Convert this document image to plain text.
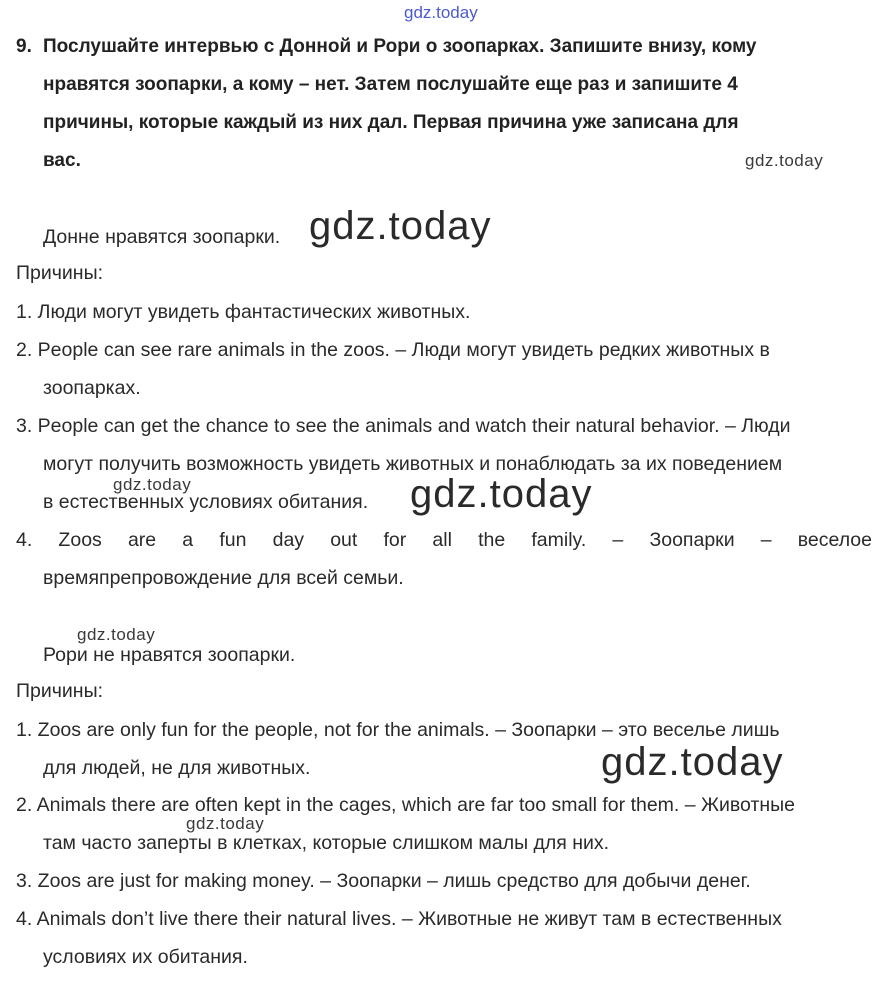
gdz.today
9. Послушайте интервью с Донной и Рори о зоопарках. Запишите внизу, кому
нравятся зоопарки, а кому – нет. Затем послушайте еще раз и запишите 4
причины, которые каждый из них дал. Первая причина уже записана для
вас.	gdz.today
Донне нравятся зоопарки. gdz.today
Причины:
1. Люди могут увидеть фантастических животных.
2. People can see rare animals in the zoos. – Люди могут увидеть редких животных в
зоопарках.
3. People can get the chance to see the animals and watch their natural behavior. – Люди
могут получить возможность увидеть животных и понаблюдать за их поведением
в естественных условиях обитания.
gdz.today	gdz.today
4. Zoos are a fun day out for all the family. – Зоопарки – веселое
времяпрепровождение для всей семьи.
gdz.today
Рори не нравятся зоопарки.
Причины:
1. Zoos are only fun for the people, not for the animals. – Зоопарки – это веселье лишь
для людей, не для животных.	gdz.today
2. Animals there are often kept in the cages, which are far too small for them. – Животные
gdz.today
там часто заперты в клетках, которые слишком малы для них.
3. Zoos are just for making money. – Зоопарки – лишь средство для добычи денег.
4. Animals don’t live there their natural lives. – Животные не живут там в естественных
условиях их обитания.
